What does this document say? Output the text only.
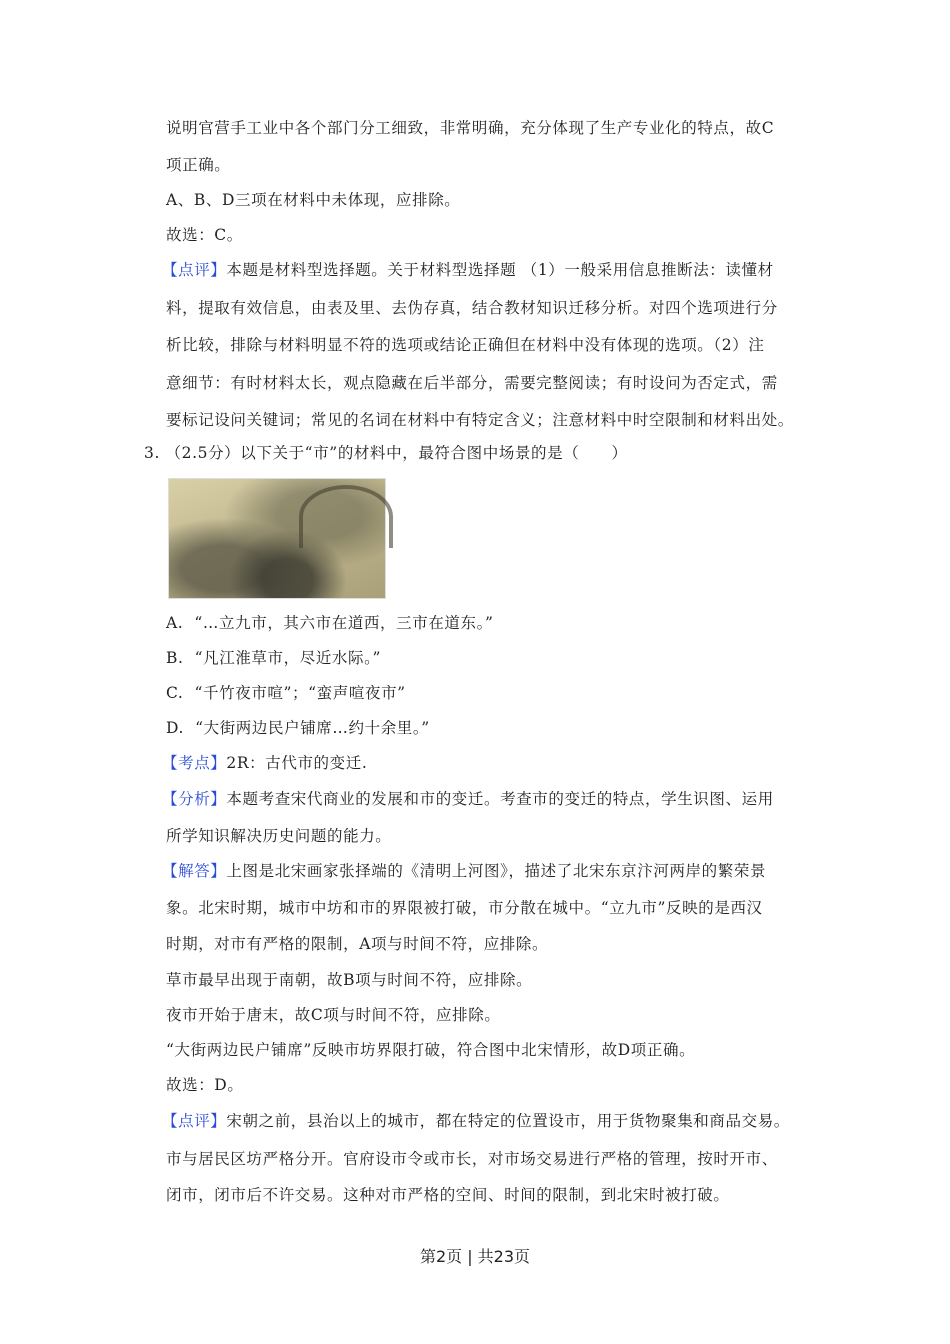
说明官营手工业中各个部门分工细致，非常明确，充分体现了生产专业化的特点，故C
项正确。
A、B、D三项在材料中未体现，应排除。
故选：C。
【点评】本题是材料型选择题。关于材料型选择题 （1）一般采用信息推断法：读懂材
料，提取有效信息，由表及里、去伪存真，结合教材知识迁移分析。对四个选项进行分
析比较，排除与材料明显不符的选项或结论正确但在材料中没有体现的选项。（2）注
意细节：有时材料太长，观点隐藏在后半部分，需要完整阅读；有时设问为否定式，需
要标记设问关键词；常见的名词在材料中有特定含义；注意材料中时空限制和材料出处。
3. （2.5分）以下关于“市”的材料中，最符合图中场景的是（　　）
A. “…立九市，其六市在道西，三市在道东。”
B. “凡江淮草市，尽近水际。”
C. “千竹夜市喧”；“蛮声喧夜市”
D. “大街两边民户铺席…约十余里。”
【考点】2R：古代市的变迁.
【分析】本题考查宋代商业的发展和市的变迁。考查市的变迁的特点，学生识图、运用
所学知识解决历史问题的能力。
【解答】上图是北宋画家张择端的《清明上河图》，描述了北宋东京汴河两岸的繁荣景
象。北宋时期，城市中坊和市的界限被打破，市分散在城中。“立九市”反映的是西汉
时期，对市有严格的限制，A项与时间不符，应排除。
草市最早出现于南朝，故B项与时间不符，应排除。
夜市开始于唐末，故C项与时间不符，应排除。
“大街两边民户铺席”反映市坊界限打破，符合图中北宋情形，故D项正确。
故选：D。
【点评】宋朝之前，县治以上的城市，都在特定的位置设市，用于货物聚集和商品交易。
市与居民区坊严格分开。官府设市令或市长，对市场交易进行严格的管理，按时开市、
闭市，闭市后不许交易。这种对市严格的空间、时间的限制，到北宋时被打破。
第2页 | 共23页
